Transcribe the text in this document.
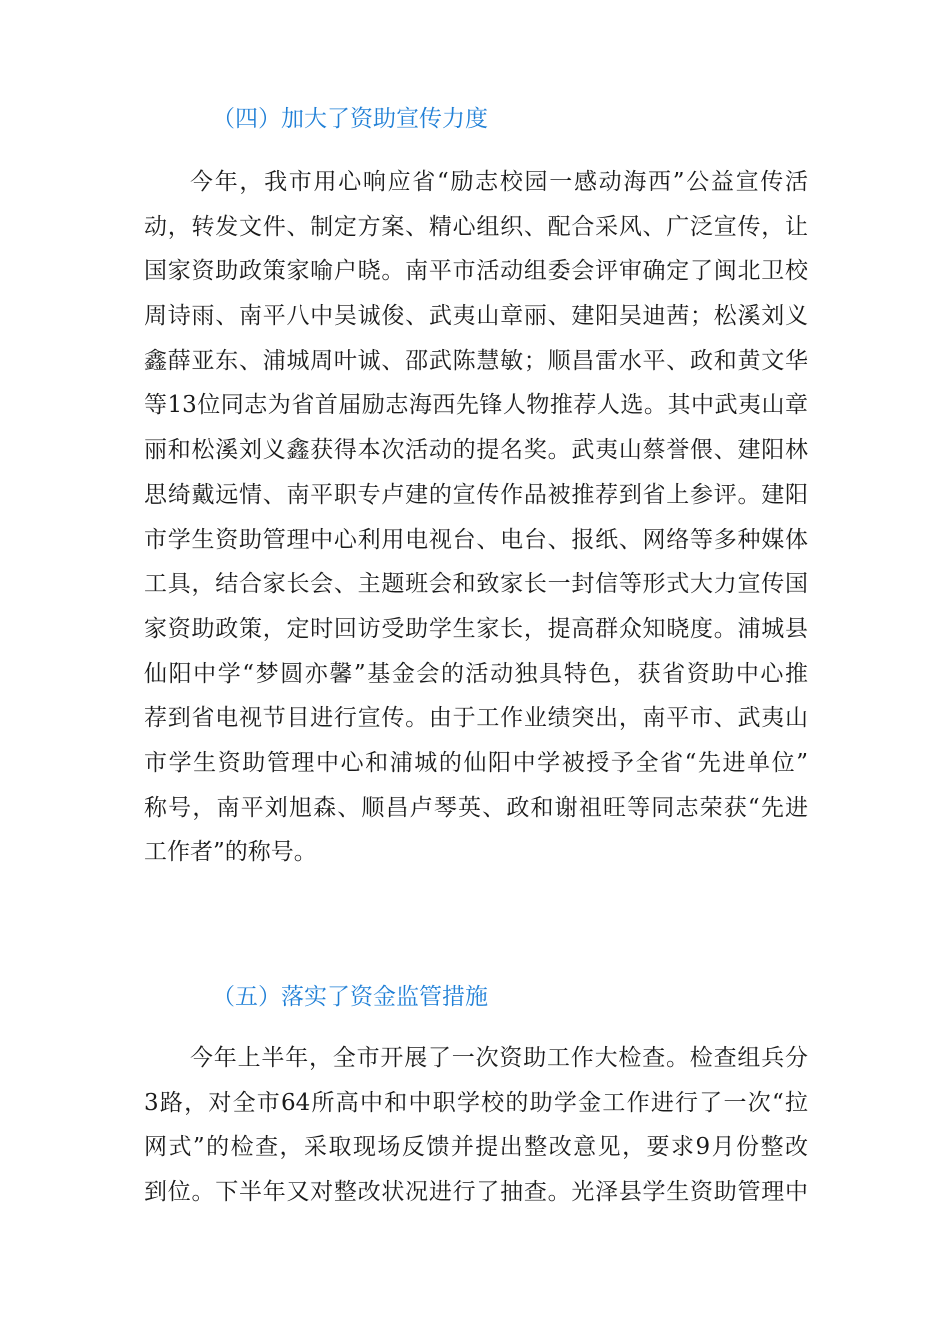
（四）加大了资助宣传力度
今年，我市用心响应省“励志校园一感动海西”公益宣传活
动，转发文件、制定方案、精心组织、配合采风、广泛宣传，让
国家资助政策家喻户晓。南平市活动组委会评审确定了闽北卫校
周诗雨、南平八中吴诚俊、武夷山章丽、建阳吴迪茜；松溪刘义
鑫薛亚东、浦城周叶诚、邵武陈慧敏；顺昌雷水平、政和黄文华
等13位同志为省首届励志海西先锋人物推荐人选。其中武夷山章
丽和松溪刘义鑫获得本次活动的提名奖。武夷山蔡誉偎、建阳林
思绮戴远情、南平职专卢建的宣传作品被推荐到省上参评。建阳
市学生资助管理中心利用电视台、电台、报纸、网络等多种媒体
工具，结合家长会、主题班会和致家长一封信等形式大力宣传国
家资助政策，定时回访受助学生家长，提高群众知晓度。浦城县
仙阳中学“梦圆亦馨”基金会的活动独具特色，获省资助中心推
荐到省电视节目进行宣传。由于工作业绩突出，南平市、武夷山
市学生资助管理中心和浦城的仙阳中学被授予全省“先进单位”
称号，南平刘旭森、顺昌卢琴英、政和谢祖旺等同志荣获“先进
工作者”的称号。
（五）落实了资金监管措施
今年上半年，全市开展了一次资助工作大检查。检查组兵分
3路，对全市64所高中和中职学校的助学金工作进行了一次“拉
网式”的检查，采取现场反馈并提出整改意见，要求9月份整改
到位。下半年又对整改状况进行了抽查。光泽县学生资助管理中
